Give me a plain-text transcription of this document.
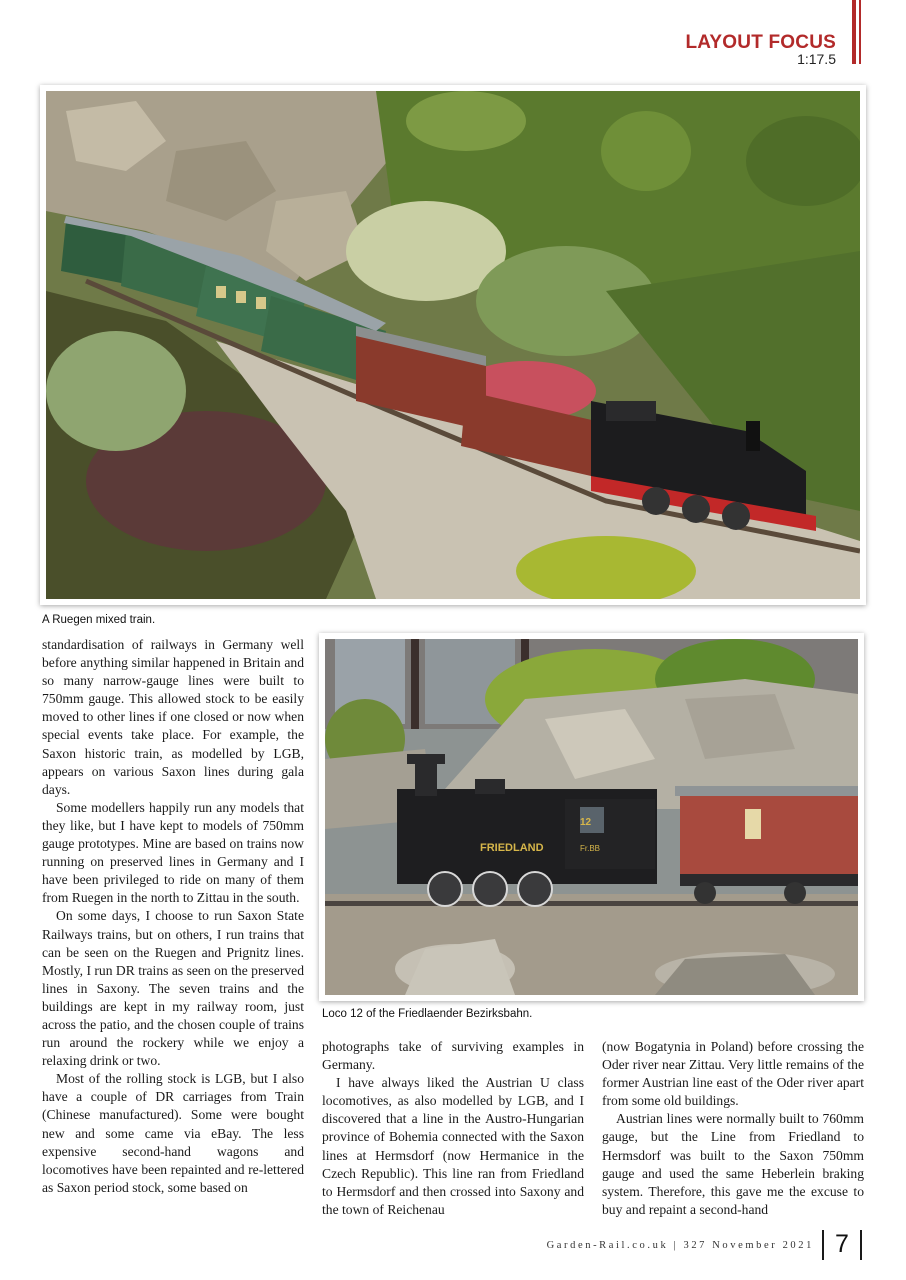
LAYOUT FOCUS
1:17.5
A Ruegen mixed train.
FRIEDLAND
12
Fr.BB
Loco 12 of the Friedlaender Bezirksbahn.

standardisation of railways in Germany well before anything similar happened in Britain and so many narrow-gauge lines were built to 750mm gauge. This allowed stock to be easily moved to other lines if one closed or now when special events take place. For example, the Saxon historic train, as modelled by LGB, appears on various Saxon lines during gala days.

Some modellers happily run any models that they like, but I have kept to models of 750mm gauge prototypes. Mine are based on trains now running on preserved lines in Germany and I have been privileged to ride on many of them from Ruegen in the north to Zittau in the south.

On some days, I choose to run Saxon State Railways trains, but on others, I run trains that can be seen on the Ruegen and Prignitz lines. Mostly, I run DR trains as seen on the preserved lines in Saxony. The seven trains and the buildings are kept in my railway room, just across the patio, and the chosen couple of trains run around the rockery while we enjoy a relaxing drink or two.

Most of the rolling stock is LGB, but I also have a couple of DR carriages from Train (Chinese manufactured). Some were bought new and some came via eBay. The less expensive second-hand wagons and locomotives have been repainted and re-lettered as Saxon period stock, some based on

photographs take of surviving examples in Germany.

I have always liked the Austrian U class locomotives, as also modelled by LGB, and I discovered that a line in the Austro-Hungarian province of Bohemia connected with the Saxon lines at Hermsdorf (now Hermanice in the Czech Republic). This line ran from Friedland to Hermsdorf and then crossed into Saxony and the town of Reichenau

(now Bogatynia in Poland) before crossing the Oder river near Zittau. Very little remains of the former Austrian line east of the Oder river apart from some old buildings.

Austrian lines were normally built to 760mm gauge, but the Line from Friedland to Hermsdorf was built to the Saxon 750mm gauge and used the same Heberlein braking system. Therefore, this gave me the excuse to buy and repaint a second-hand

Garden-Rail.co.uk | 327 November 2021 7
